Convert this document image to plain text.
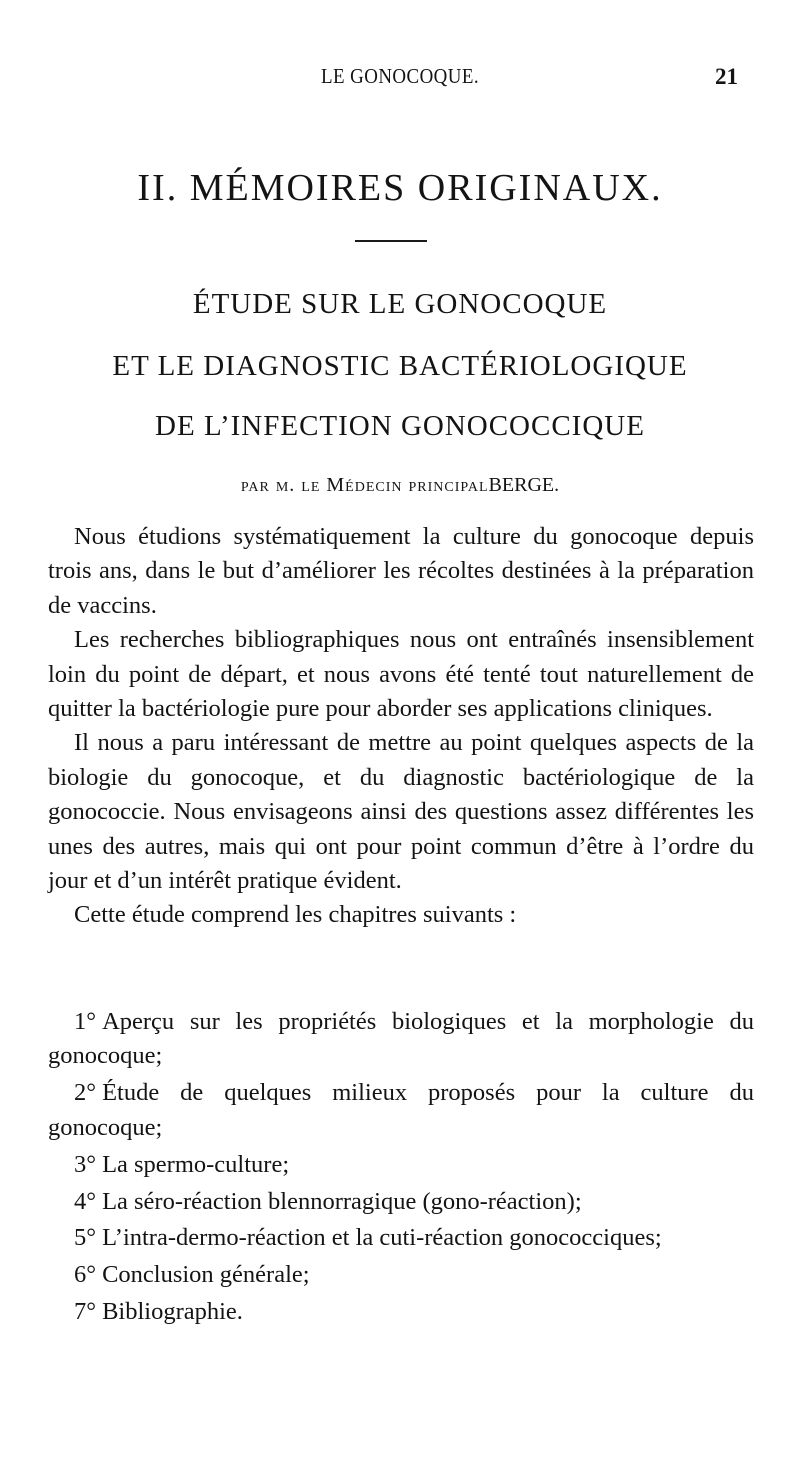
LE GONOCOQUE.	21
II. MÉMOIRES ORIGINAUX.
ÉTUDE SUR LE GONOCOQUE
ET LE DIAGNOSTIC BACTÉRIOLOGIQUE
DE L’INFECTION GONOCOCCIQUE
par m. le Médecin principalBERGE.

Nous étudions systématiquement la culture du gonocoque depuis trois ans, dans le but d’améliorer les récoltes destinées à la préparation de vaccins.

Les recherches bibliographiques nous ont entraînés insensiblement loin du point de départ, et nous avons été tenté tout naturellement de quitter la bactériologie pure pour aborder ses applications cliniques.

Il nous a paru intéressant de mettre au point quelques aspects de la biologie du gonocoque, et du diagnostic bactériologique de la gonococcie. Nous envisageons ainsi des questions assez différentes les unes des autres, mais qui ont pour point commun d’être à l’ordre du jour et d’un intérêt pratique évident.

Cette étude comprend les chapitres suivants :

1° Aperçu sur les propriétés biologiques et la morphologie du gonocoque;

2° Étude de quelques milieux proposés pour la culture du gonocoque;

3° La spermo-culture;

4° La séro-réaction blennorragique (gono-réaction);

5° L’intra-dermo-réaction et la cuti-réaction gonococciques;

6° Conclusion générale;

7° Bibliographie.
